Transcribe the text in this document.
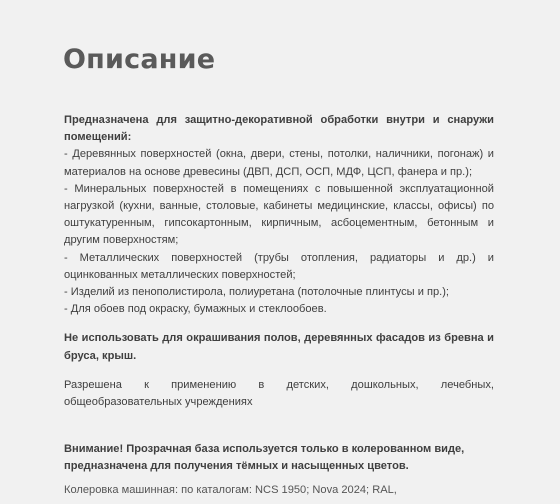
Описание

Предназначена для защитно-декоративной обработки внутри и снаружи помещений:

- Деревянных поверхностей (окна, двери, стены, потолки, наличники, погонаж) и материалов на основе древесины (ДВП, ДСП, ОСП, МДФ, ЦСП, фанера и пр.);

- Минеральных поверхностей в помещениях с повышенной эксплуатационной нагрузкой (кухни, ванные, столовые, кабинеты медицинские, классы, офисы) по оштукатуренным, гипсокартонным, кирпичным, асбоцементным, бетонным и другим поверхностям;

- Металлических поверхностей (трубы отопления, радиаторы и др.) и оцинкованных металлических поверхностей;

- Изделий из пенополистирола, полиуретана (потолочные плинтусы и пр.);

- Для обоев под окраску, бумажных и стеклообоев.

Не использовать для окрашивания полов, деревянных фасадов из бревна и бруса, крыш.

Разрешена к применению в детских, дошкольных, лечебных, общеобразовательных учреждениях

Внимание! Прозрачная база используется только в колерованном виде, предназначена для получения тёмных и насыщенных цветов.

Колеровка машинная: по каталогам: NCS 1950; Nova 2024; RAL,
